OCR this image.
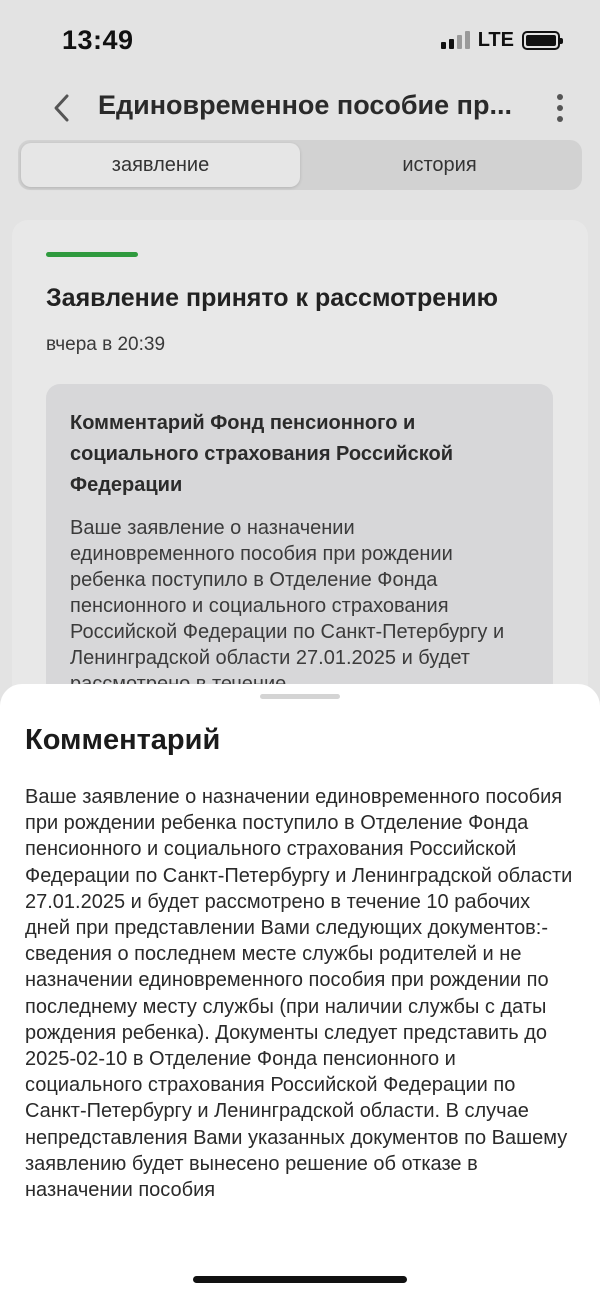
13:49	LTE
Единовременное пособие пр...
заявление	история
Заявление принято к рассмотрению
вчера в 20:39
Комментарий Фонд пенсионного и социального страхования Российской Федерации
Ваше заявление о назначении единовременного пособия при рождении ребенка поступило в Отделение Фонда пенсионного и социального страхования Российской Федерации по Санкт-Петербургу и Ленинградской области 27.01.2025 и будет
Комментарий
Ваше заявление о назначении единовременного пособия при рождении ребенка поступило в Отделение Фонда пенсионного и социального страхования Российской Федерации по Санкт-Петербургу и Ленинградской области 27.01.2025 и будет рассмотрено в течение 10 рабочих дней при представлении Вами следующих документов:-сведения о последнем месте службы родителей и не назначении единовременного пособия при рождении по последнему месту службы (при наличии службы с даты рождения ребенка). Документы следует представить до 2025-02-10 в Отделение Фонда пенсионного и социального страхования Российской Федерации по Санкт-Петербургу и Ленинградской области. В случае непредставления Вами указанных документов по Вашему заявлению будет вынесено решение об отказе в назначении пособия
